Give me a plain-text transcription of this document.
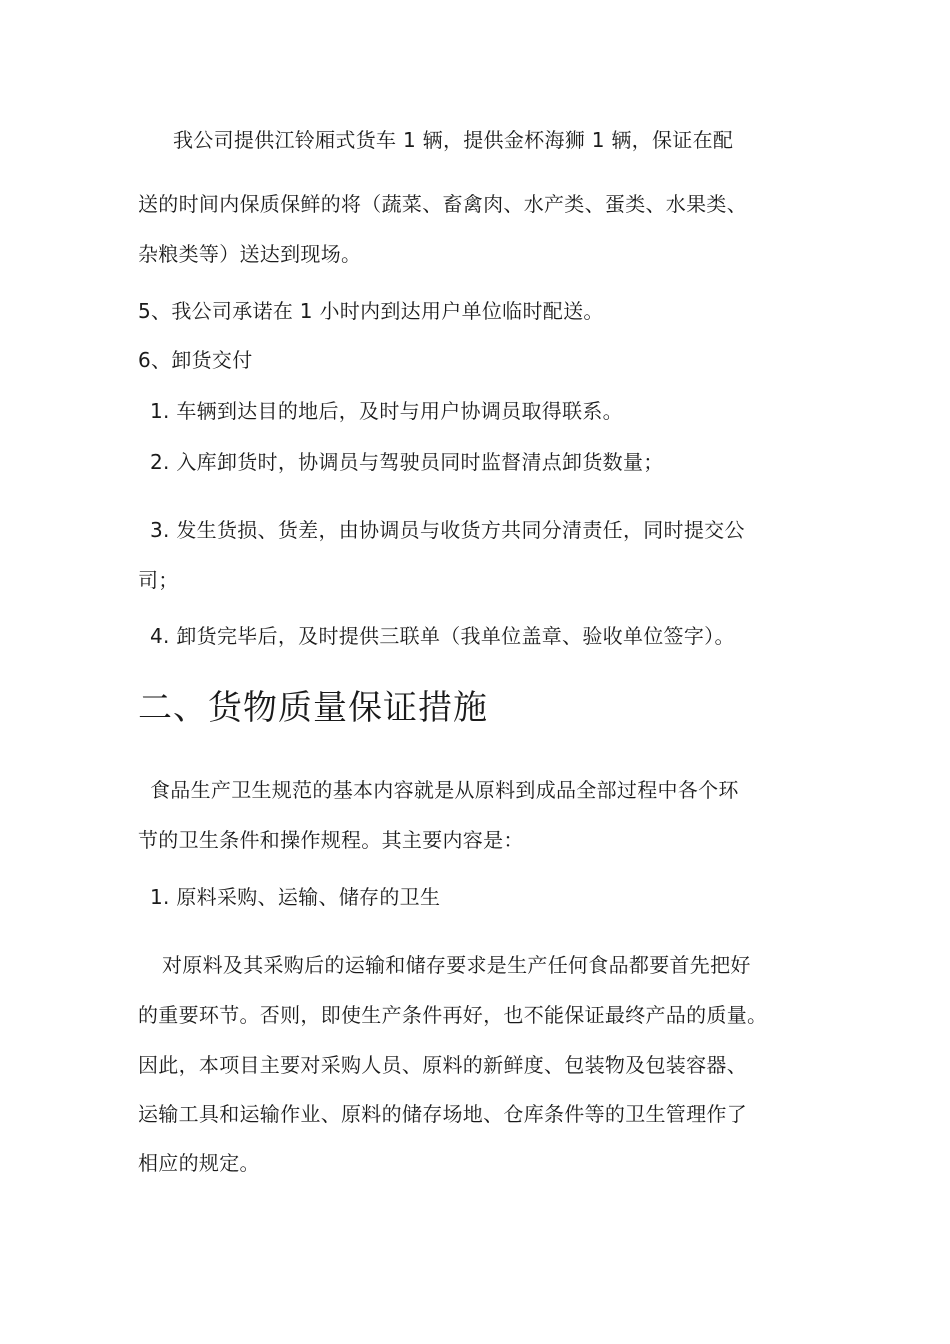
我公司提供江铃厢式货车 1 辆，提供金杯海狮 1 辆，保证在配
送的时间内保质保鲜的将（蔬菜、畜禽肉、水产类、蛋类、水果类、
杂粮类等）送达到现场。
5、我公司承诺在 1 小时内到达用户单位临时配送。
6、卸货交付
1. 车辆到达目的地后，及时与用户协调员取得联系。
2. 入库卸货时，协调员与驾驶员同时监督清点卸货数量；
3. 发生货损、货差，由协调员与收货方共同分清责任，同时提交公
司；
4. 卸货完毕后，及时提供三联单（我单位盖章、验收单位签字）。
二、货物质量保证措施
食品生产卫生规范的基本内容就是从原料到成品全部过程中各个环
节的卫生条件和操作规程。其主要内容是：
1. 原料采购、运输、储存的卫生
对原料及其采购后的运输和储存要求是生产任何食品都要首先把好
的重要环节。否则，即使生产条件再好，也不能保证最终产品的质量。
因此，本项目主要对采购人员、原料的新鲜度、包装物及包装容器、
运输工具和运输作业、原料的储存场地、仓库条件等的卫生管理作了
相应的规定。
